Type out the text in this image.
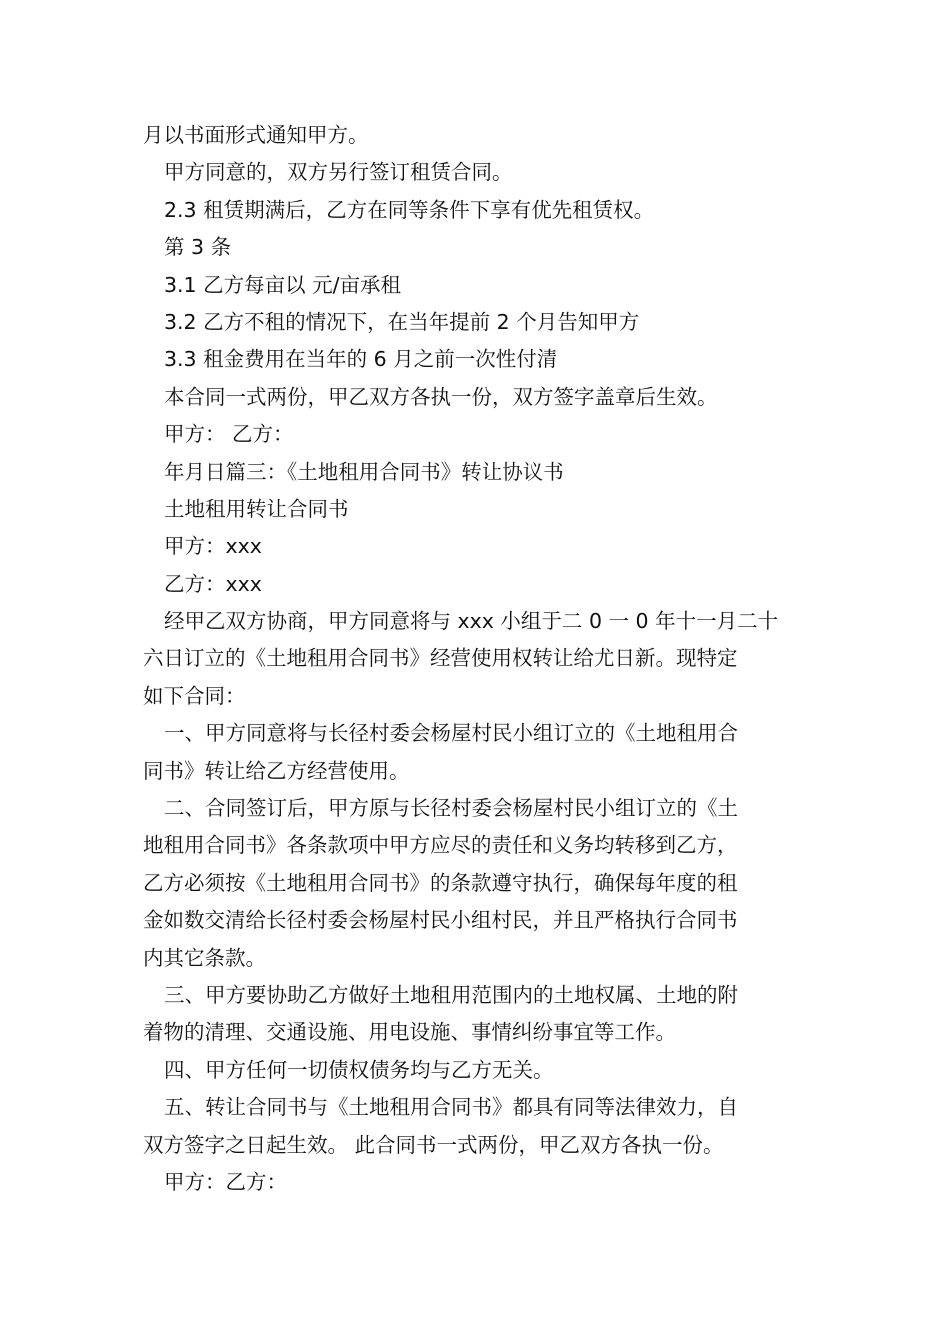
月以书面形式通知甲方。
甲方同意的，双方另行签订租赁合同。
2.3 租赁期满后，乙方在同等条件下享有优先租赁权。
第 3 条
3.1 乙方每亩以 元/亩承租
3.2 乙方不租的情况下，在当年提前 2 个月告知甲方
3.3 租金费用在当年的 6 月之前一次性付清
本合同一式两份，甲乙双方各执一份，双方签字盖章后生效。
甲方： 乙方：
年月日篇三：《土地租用合同书》转让协议书
土地租用转让合同书
甲方：xxx
乙方：xxx
经甲乙双方协商，甲方同意将与 xxx 小组于二 0 一 0 年十一月二十
六日订立的《土地租用合同书》经营使用权转让给尤日新。现特定
如下合同：
一、甲方同意将与长径村委会杨屋村民小组订立的《土地租用合
同书》转让给乙方经营使用。
二、合同签订后，甲方原与长径村委会杨屋村民小组订立的《土
地租用合同书》各条款项中甲方应尽的责任和义务均转移到乙方，
乙方必须按《土地租用合同书》的条款遵守执行，确保每年度的租
金如数交清给长径村委会杨屋村民小组村民，并且严格执行合同书
内其它条款。
三、甲方要协助乙方做好土地租用范围内的土地权属、土地的附
着物的清理、交通设施、用电设施、事情纠纷事宜等工作。
四、甲方任何一切债权债务均与乙方无关。
五、转让合同书与《土地租用合同书》都具有同等法律效力，自
双方签字之日起生效。 此合同书一式两份，甲乙双方各执一份。
甲方：乙方：
